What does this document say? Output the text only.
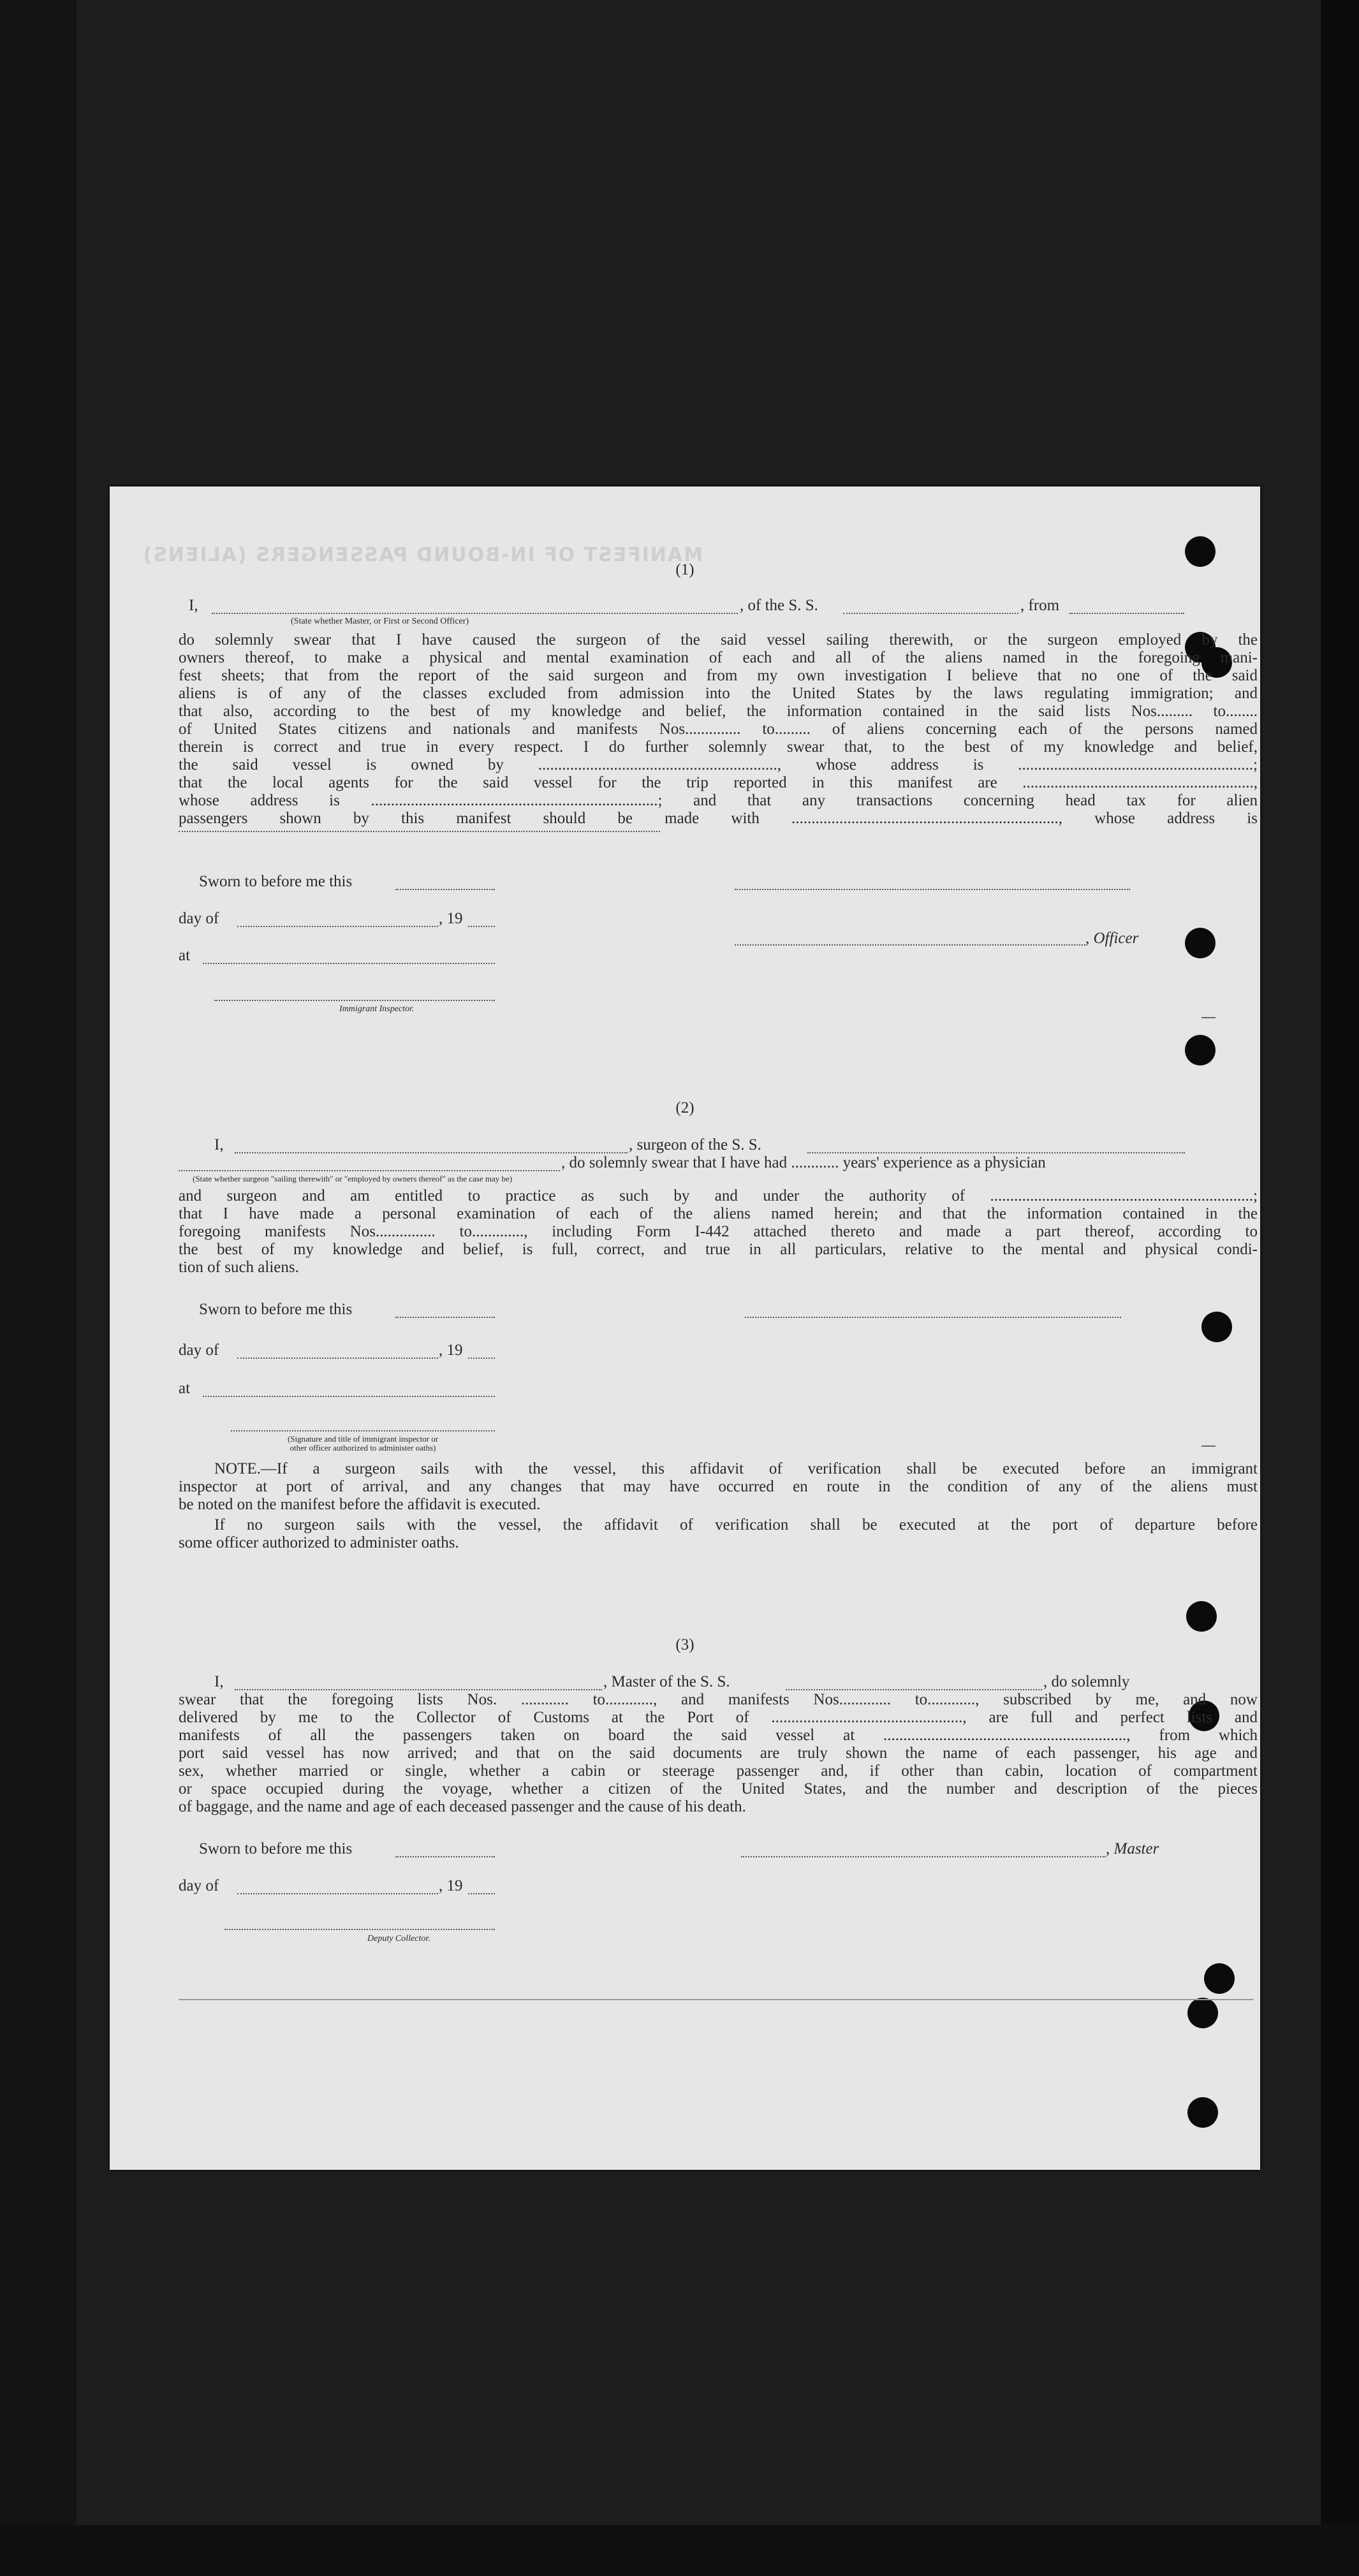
MANIFEST OF IN-BOUND PASSENGERS (ALIENS)
(1)
I,	, of the S. S.	, from
(State whether Master, or First or Second Officer)
do solemnly swear that I have caused the surgeon of the said vessel sailing therewith, or the surgeon employed by the
owners thereof, to make a physical and mental examination of each and all of the aliens named in the foregoing mani-
fest sheets; that from the report of the said surgeon and from my own investigation I believe that no one of the said
aliens is of any of the classes excluded from admission into the United States by the laws regulating immigration; and
that also, according to the best of my knowledge and belief, the information contained in the said lists Nos......... to........
of United States citizens and nationals and manifests Nos.............. to......... of aliens concerning each of the persons named
therein is correct and true in every respect. I do further solemnly swear that, to the best of my knowledge and belief,
the said vessel is owned by ............................................................, whose address is ...........................................................;
that the local agents for the said vessel for the trip reported in this manifest are ..........................................................,
whose address is ........................................................................; and that any transactions concerning head tax for alien
passengers shown by this manifest should be made with ..................................................................., whose address is
Sworn to before me this
day of	, 19
, Officer
at
Immigrant Inspector.
(2)
I,	, surgeon of the S. S.
, do solemnly swear that I have had ............ years' experience as a physician
(State whether surgeon "sailing therewith" or "employed by owners thereof" as the case may be)
and surgeon and am entitled to practice as such by and under the authority of ..................................................................;
that I have made a personal examination of each of the aliens named herein; and that the information contained in the
foregoing manifests Nos............... to............., including Form I-442 attached thereto and made a part thereof, according to
the best of my knowledge and belief, is full, correct, and true in all particulars, relative to the mental and physical condi-
tion of such aliens.
Sworn to before me this
day of	, 19
at
(Signature and title of immigrant inspector or
other officer authorized to administer oaths)
NOTE.—If a surgeon sails with the vessel, this affidavit of verification shall be executed before an immigrant
inspector at port of arrival, and any changes that may have occurred en route in the condition of any of the aliens must
be noted on the manifest before the affidavit is executed.
If no surgeon sails with the vessel, the affidavit of verification shall be executed at the port of departure before
some officer authorized to administer oaths.
(3)
I,	, Master of the S. S.	, do solemnly
swear that the foregoing lists Nos. ............ to............, and manifests Nos............. to............, subscribed by me, and now
delivered by me to the Collector of Customs at the Port of ................................................, are full and perfect lists and
manifests of all the passengers taken on board the said vessel at ............................................................., from which
port said vessel has now arrived; and that on the said documents are truly shown the name of each passenger, his age and
sex, whether married or single, whether a cabin or steerage passenger and, if other than cabin, location of compartment
or space occupied during the voyage, whether a citizen of the United States, and the number and description of the pieces
of baggage, and the name and age of each deceased passenger and the cause of his death.
Sworn to before me this	, Master
day of	, 19
Deputy Collector.
